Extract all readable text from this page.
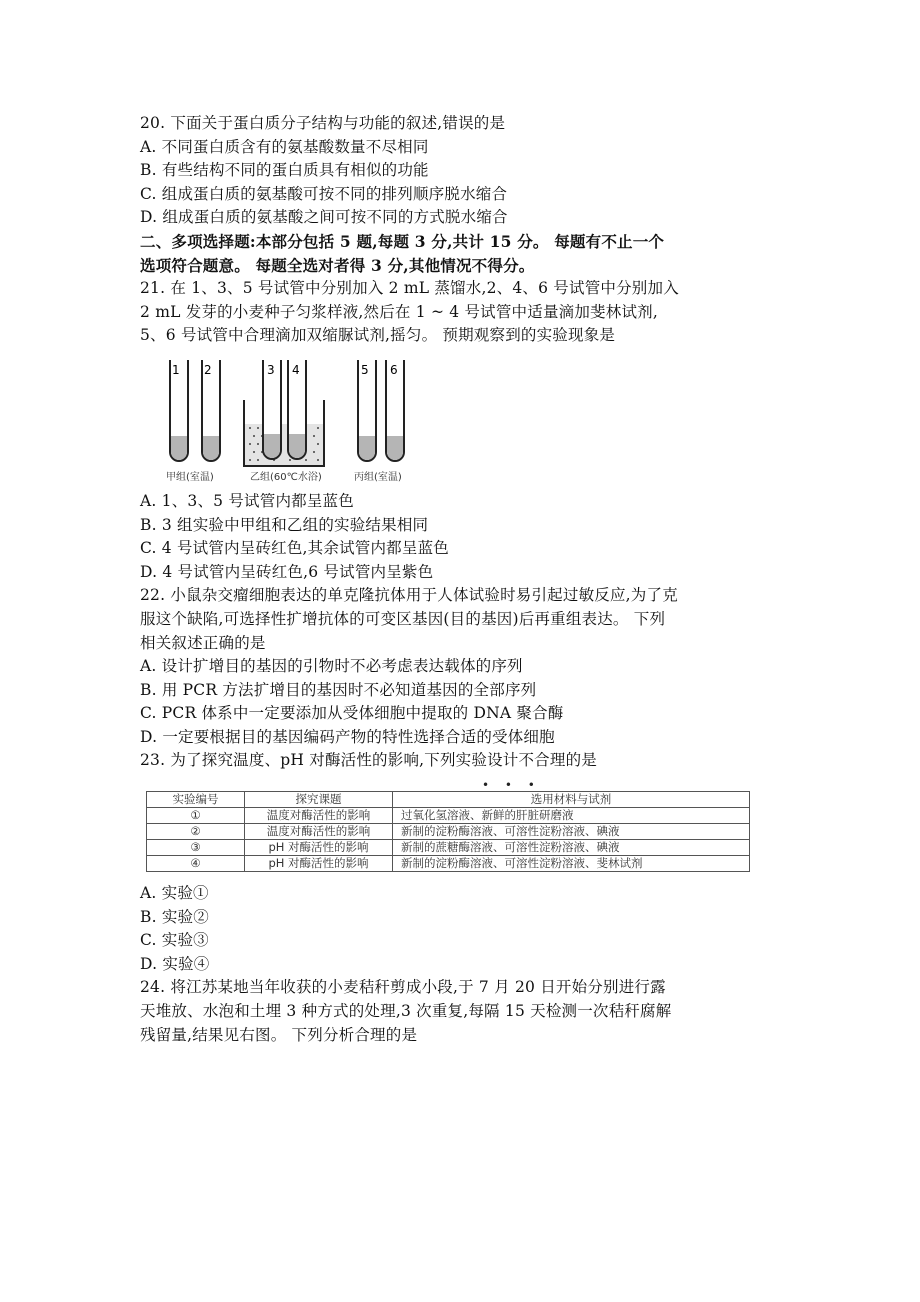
20. 下面关于蛋白质分子结构与功能的叙述,错误的是
A. 不同蛋白质含有的氨基酸数量不尽相同
B. 有些结构不同的蛋白质具有相似的功能
C. 组成蛋白质的氨基酸可按不同的排列顺序脱水缩合
D. 组成蛋白质的氨基酸之间可按不同的方式脱水缩合
二、多项选择题:本部分包括 5 题,每题 3 分,共计 15 分。 每题有不止一个
选项符合题意。 每题全选对者得 3 分,其他情况不得分。
21. 在 1、3、5 号试管中分别加入 2 mL 蒸馏水,2、4、6 号试管中分别加入
2 mL 发芽的小麦种子匀浆样液,然后在 1 ~ 4 号试管中适量滴加斐林试剂,
5、6 号试管中合理滴加双缩脲试剂,摇匀。 预期观察到的实验现象是
1 2	3 4	5 6
甲组(室温)	乙组(60℃水浴)	丙组(室温)
A. 1、3、5 号试管内都呈蓝色
B. 3 组实验中甲组和乙组的实验结果相同
C. 4 号试管内呈砖红色,其余试管内都呈蓝色
D. 4 号试管内呈砖红色,6 号试管内呈紫色
22. 小鼠杂交瘤细胞表达的单克隆抗体用于人体试验时易引起过敏反应,为了克
服这个缺陷,可选择性扩增抗体的可变区基因(目的基因)后再重组表达。 下列
相关叙述正确的是
A. 设计扩增目的基因的引物时不必考虑表达载体的序列
B. 用 PCR 方法扩增目的基因时不必知道基因的全部序列
C. PCR 体系中一定要添加从受体细胞中提取的 DNA 聚合酶
D. 一定要根据目的基因编码产物的特性选择合适的受体细胞
23. 为了探究温度、pH 对酶活性的影响,下列实验设计不合理的是
• • •
实验编号	探究课题	选用材料与试剂
①	温度对酶活性的影响	过氧化氢溶液、新鲜的肝脏研磨液
②	温度对酶活性的影响	新制的淀粉酶溶液、可溶性淀粉溶液、碘液
③	pH 对酶活性的影响	新制的蔗糖酶溶液、可溶性淀粉溶液、碘液
④	pH 对酶活性的影响	新制的淀粉酶溶液、可溶性淀粉溶液、斐林试剂
A. 实验①
B. 实验②
C. 实验③
D. 实验④
24. 将江苏某地当年收获的小麦秸秆剪成小段,于 7 月 20 日开始分别进行露
天堆放、水泡和土埋 3 种方式的处理,3 次重复,每隔 15 天检测一次秸秆腐解
残留量,结果见右图。 下列分析合理的是
